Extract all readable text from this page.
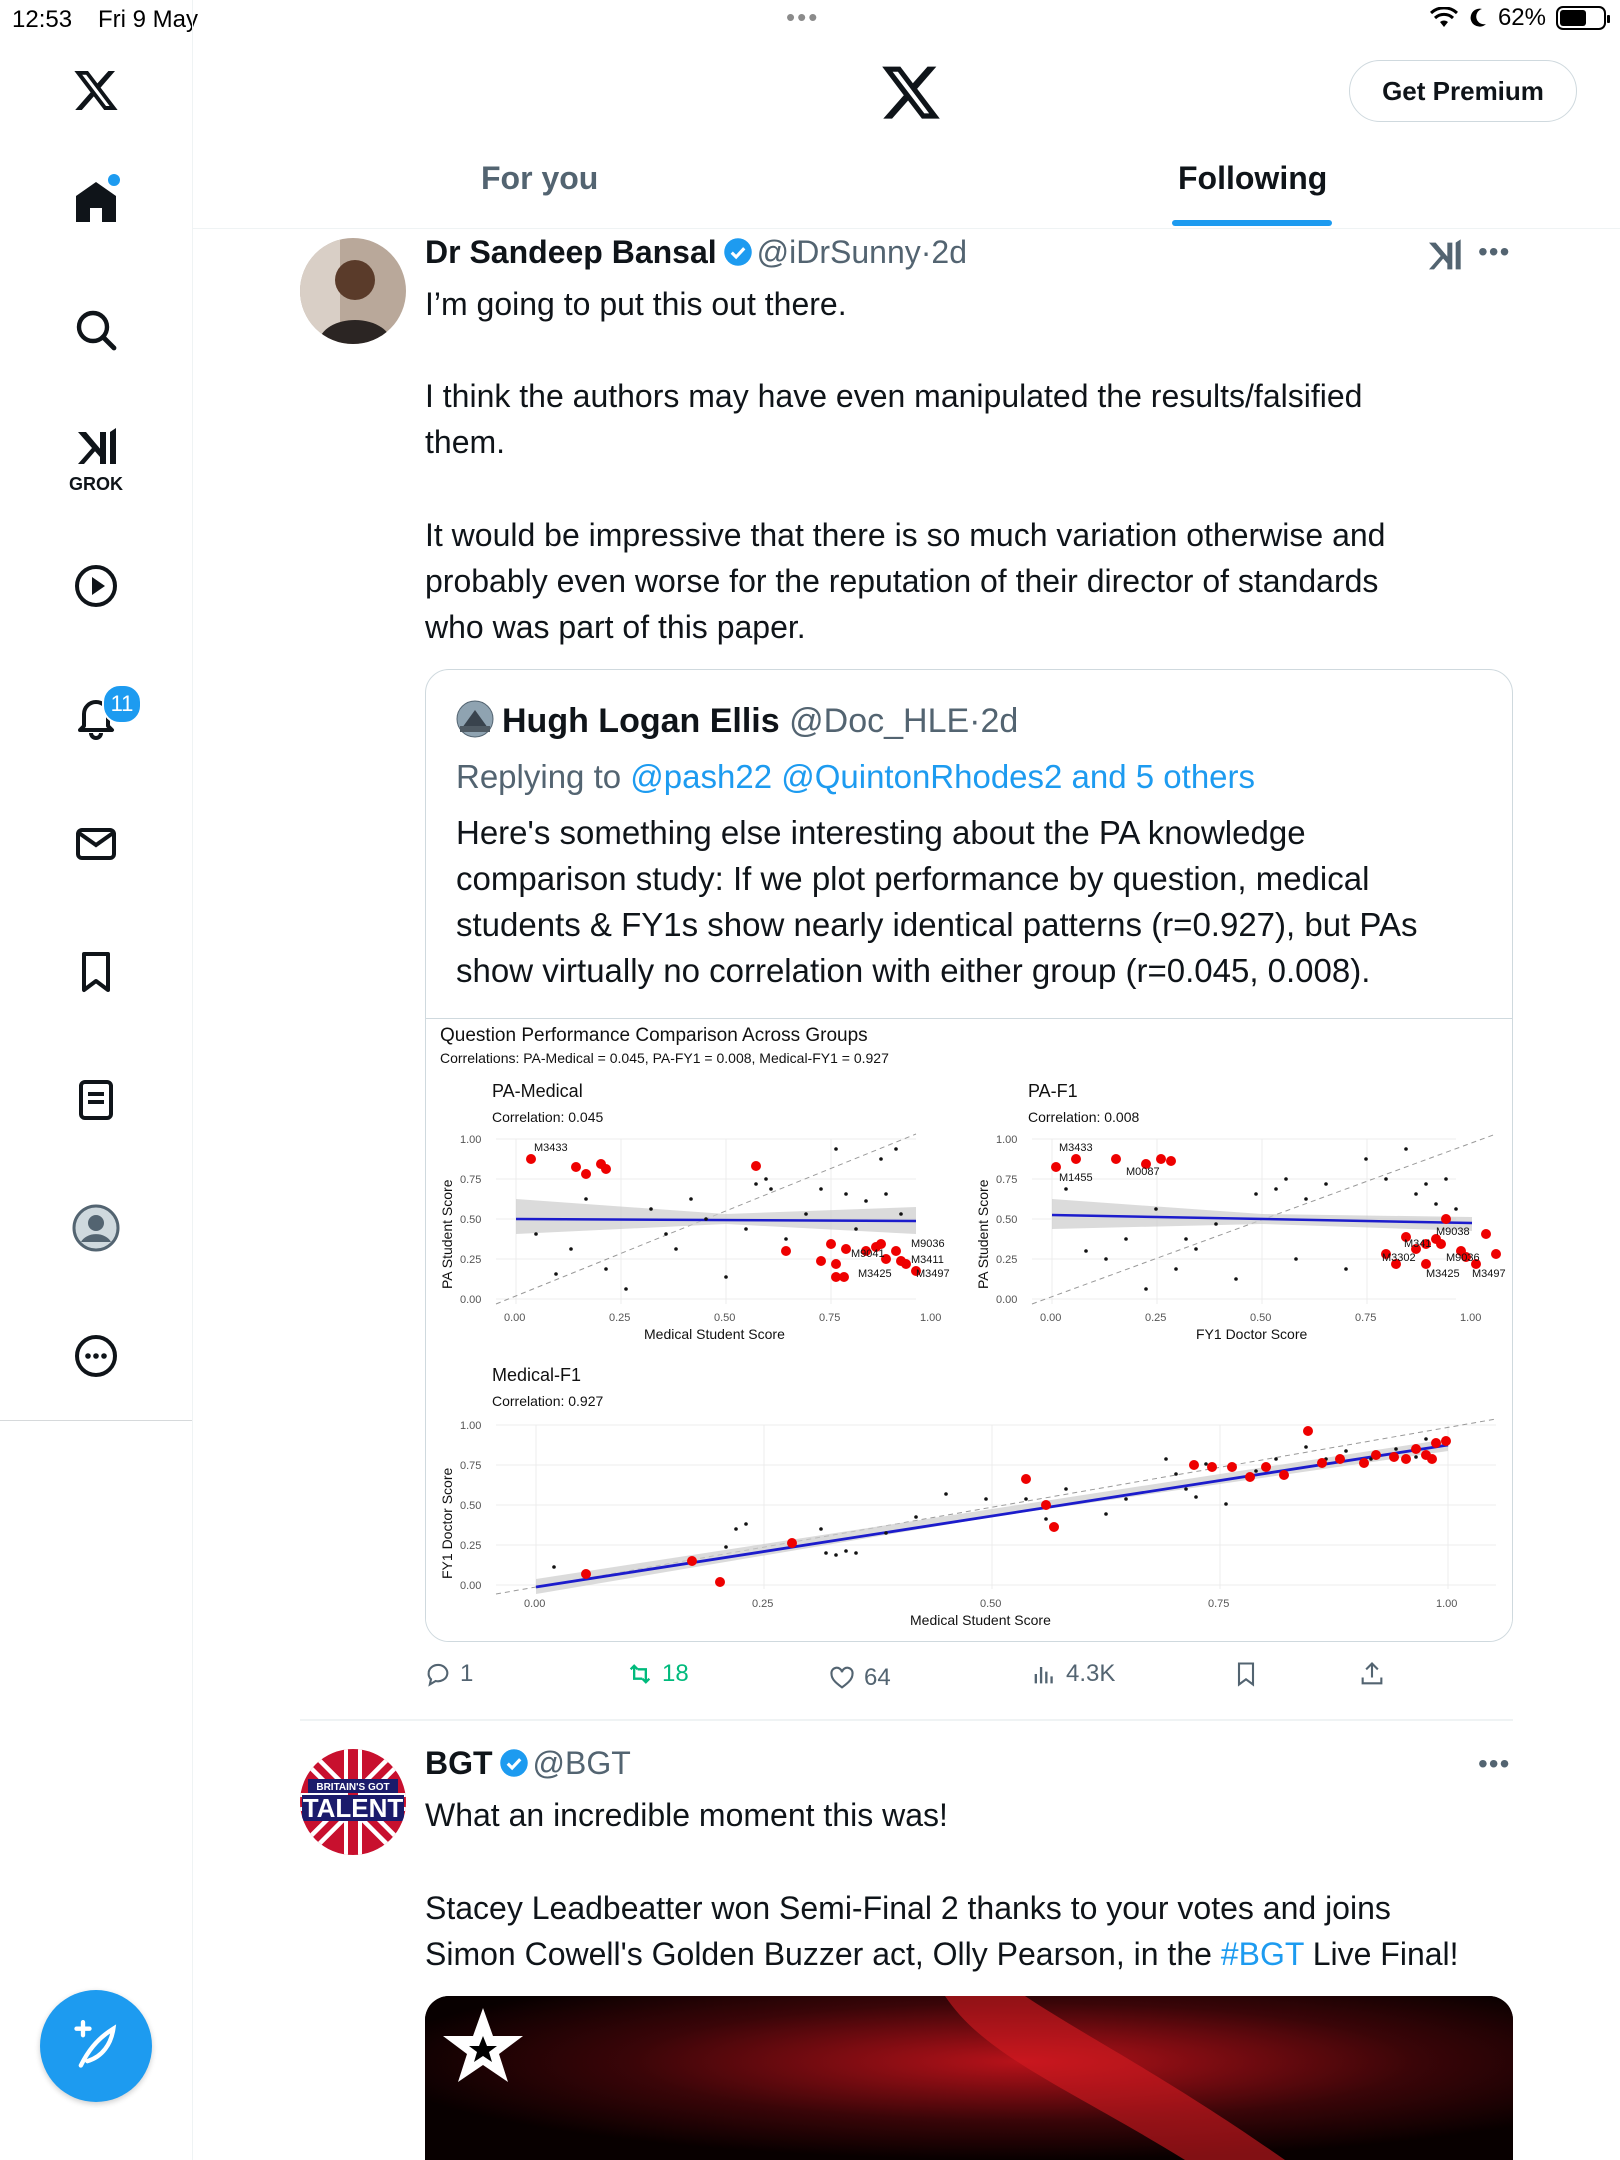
12:53 Fri 9 May	•••	62%
GROK
11
Get Premium
For you	Following
Dr Sandeep Bansal @iDrSunny·2d	•••
I’m going to put this out there.
I think the authors may have even manipulated the results/falsified
them.
It would be impressive that there is so much variation otherwise and
probably even worse for the reputation of their director of standards
who was part of this paper.
Hugh Logan Ellis @Doc_HLE·2d
Replying to @pash22 @QuintonRhodes2 and 5 others
Here's something else interesting about the PA knowledge
comparison study: If we plot performance by question, medical
students & FY1s show nearly identical patterns (r=0.927), but PAs
show virtually no correlation with either group (r=0.045, 0.008).
Question Performance Comparison Across Groups
Correlations: PA-Medical = 0.045, PA-FY1 = 0.008, Medical-FY1 = 0.927
PA-Medical
Correlation: 0.045
M3433
M9036
M9041 M3411
M3425 M3497
1.00
0.75
0.50
0.25
0.00
0.00	0.25	0.50	0.75	1.00
Medical Student Score
PA Student Score
PA-F1
Correlation: 0.008
M3433
M1455	M0087
M9038
M341
M3302	M9036
M3425 M3497
1.00
0.75
0.50
0.25
0.00
0.00	0.25	0.50	0.75	1.00
FY1 Doctor Score
PA Student Score
Medical-F1
Correlation: 0.927
1.00
0.75
0.50
0.25
0.00
0.00	0.25	0.50	0.75	1.00
Medical Student Score
FY1 Doctor Score
1	18	64	4.3K
BRITAIN'S GOT
TALENT
BGT @BGT	•••
What an incredible moment this was!
Stacey Leadbeatter won Semi-Final 2 thanks to your votes and joins
Simon Cowell's Golden Buzzer act, Olly Pearson, in the #BGT Live Final!
